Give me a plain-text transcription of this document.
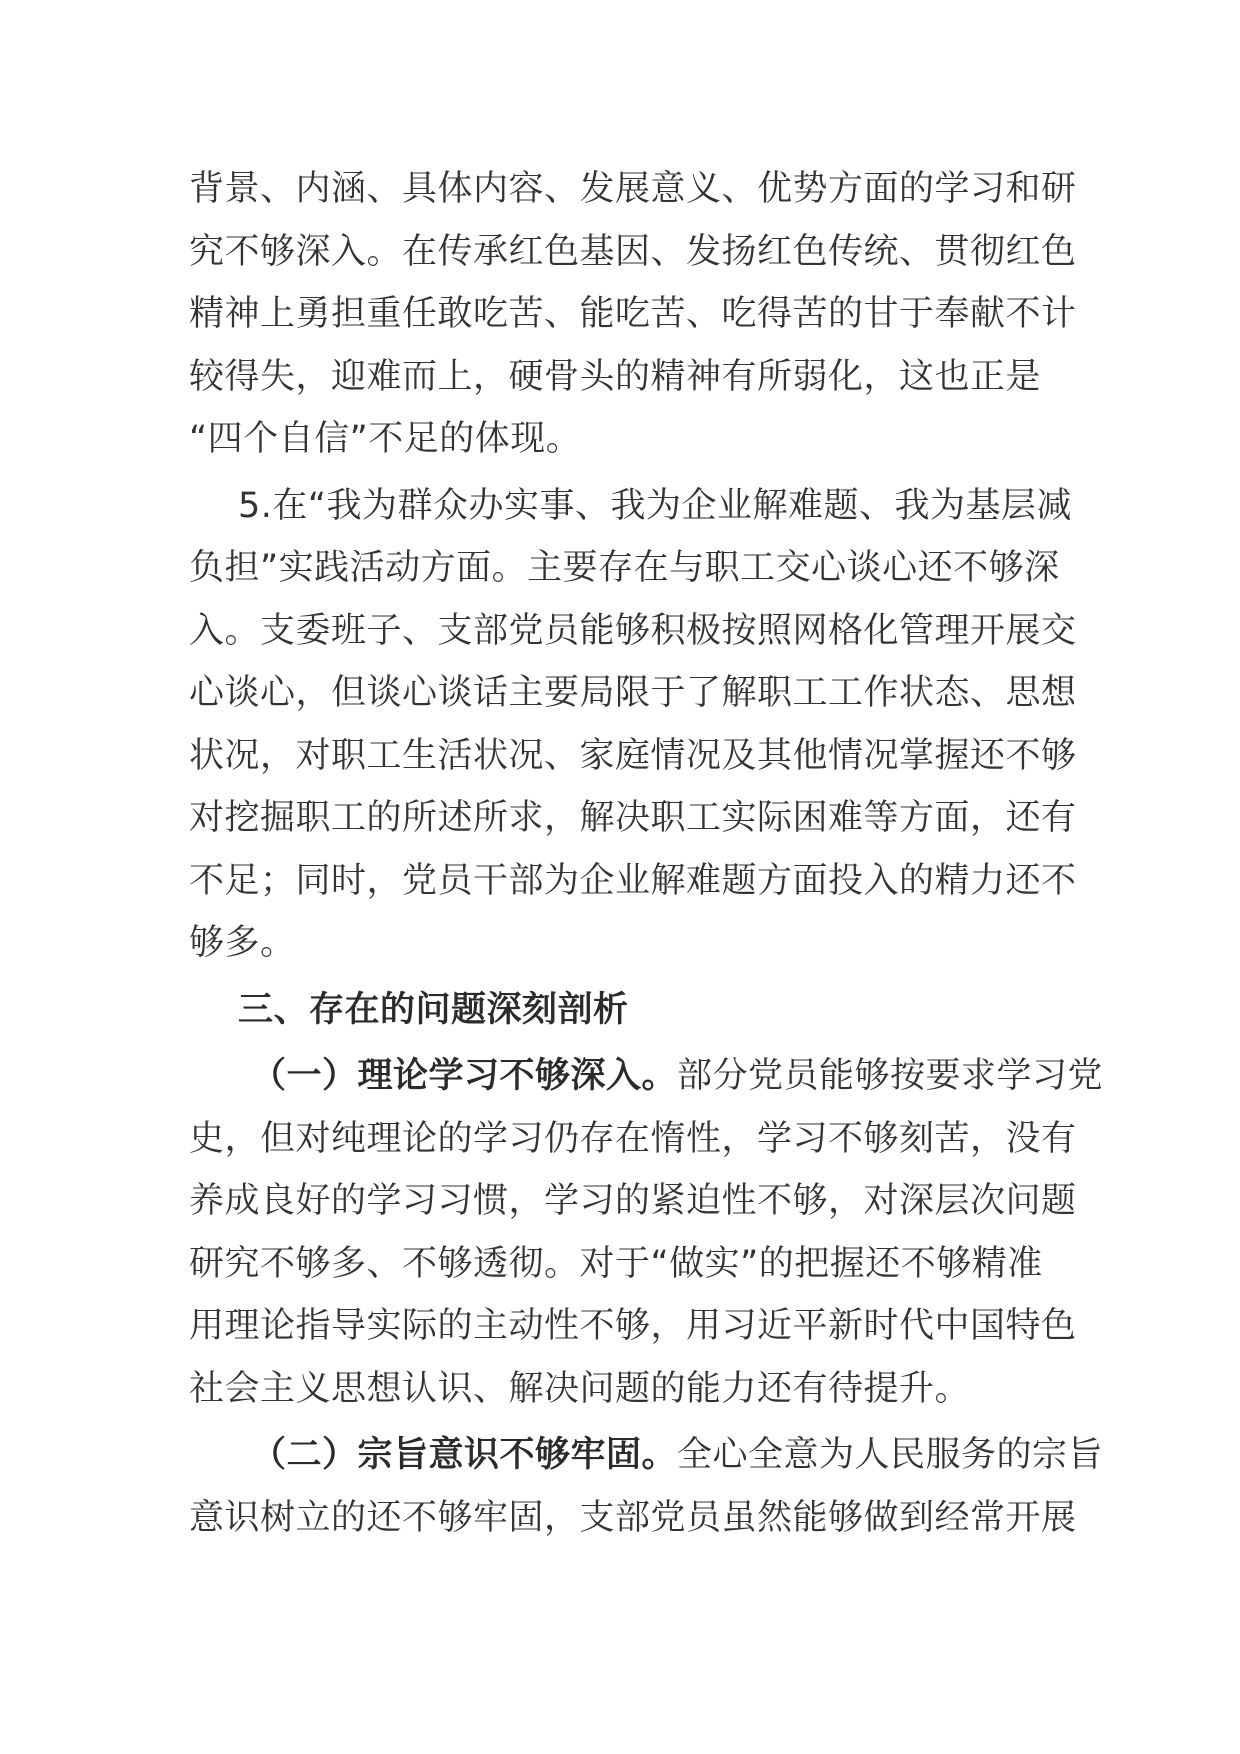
背景、内涵、具体内容、发展意义、优势方面的学习和研
究不够深入。在传承红色基因、发扬红色传统、贯彻红色
精神上勇担重任敢吃苦、能吃苦、吃得苦的甘于奉献不计
较得失，迎难而上，硬骨头的精神有所弱化，这也正是
“四个自信”不足的体现。
5.在“我为群众办实事、我为企业解难题、我为基层减
负担”实践活动方面。主要存在与职工交心谈心还不够深
入。支委班子、支部党员能够积极按照网格化管理开展交
心谈心，但谈心谈话主要局限于了解职工工作状态、思想
状况，对职工生活状况、家庭情况及其他情况掌握还不够
对挖掘职工的所述所求，解决职工实际困难等方面，还有
不足；同时，党员干部为企业解难题方面投入的精力还不
够多。
三、存在的问题深刻剖析
（一）理论学习不够深入。部分党员能够按要求学习党
史，但对纯理论的学习仍存在惰性，学习不够刻苦，没有
养成良好的学习习惯，学习的紧迫性不够，对深层次问题
研究不够多、不够透彻。对于“做实”的把握还不够精准
用理论指导实际的主动性不够，用习近平新时代中国特色
社会主义思想认识、解决问题的能力还有待提升。
（二）宗旨意识不够牢固。全心全意为人民服务的宗旨
意识树立的还不够牢固，支部党员虽然能够做到经常开展
